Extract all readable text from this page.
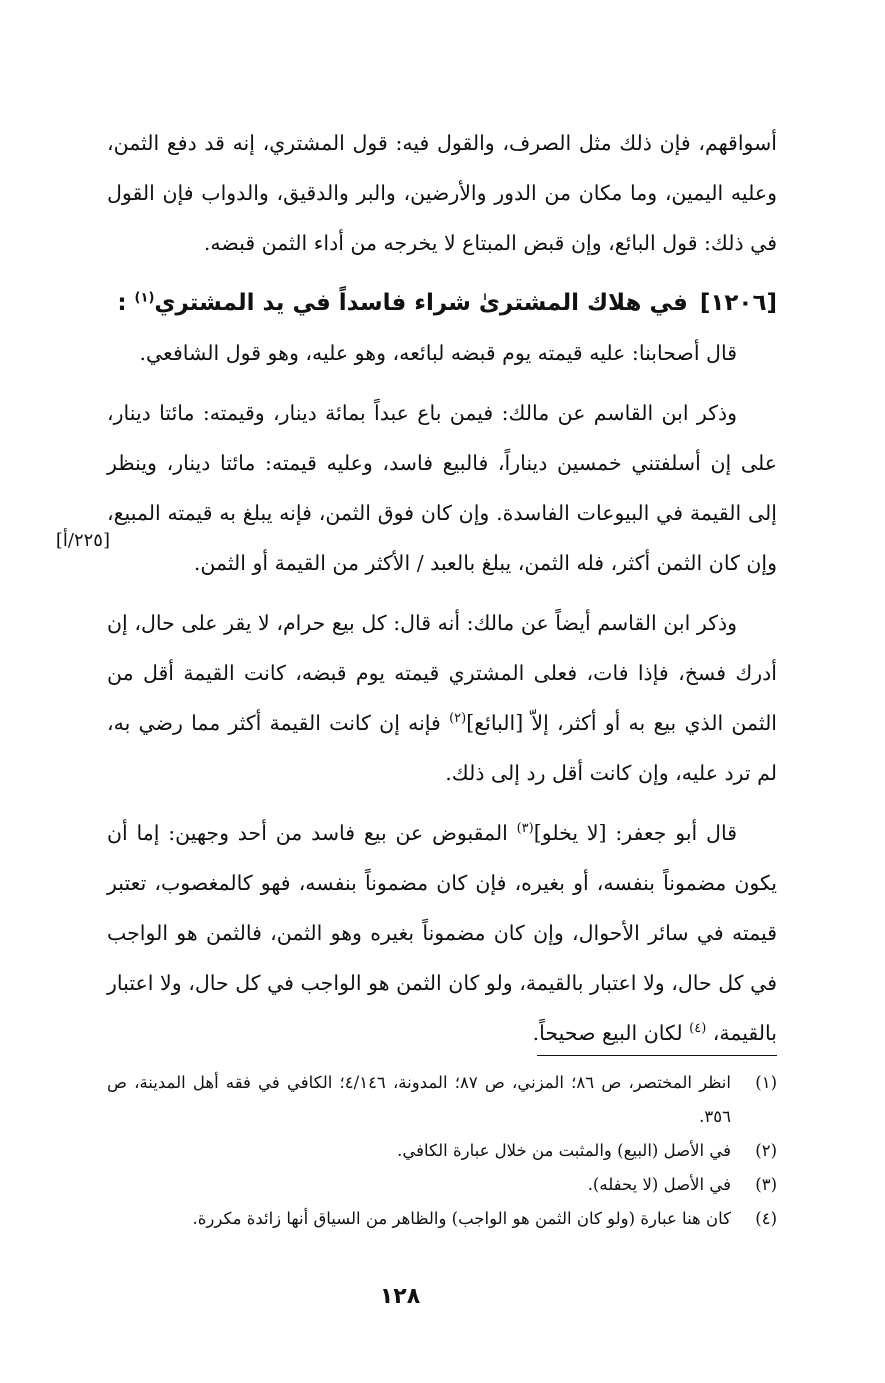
أسواقهم، فإن ذلك مثل الصرف، والقول فيه: قول المشتري، إنه قد دفع الثمن، وعليه اليمين، وما مكان من الدور والأرضين، والبر والدقيق، والدواب فإن القول في ذلك: قول البائع، وإن قبض المبتاع لا يخرجه من أداء الثمن قبضه.

[١٢٠٦]في هلاك المشترىٰ شراء فاسداً في يد المشتري$^{(١)}$ :

قال أصحابنا: عليه قيمته يوم قبضه لبائعه، وهو عليه، وهو قول الشافعي.

وذكر ابن القاسم عن مالك: فيمن باع عبداً بمائة دينار، وقيمته: مائتا دينار، على إن أسلفتني خمسين ديناراً، فالبيع فاسد، وعليه قيمته: مائتا دينار، وينظر إلى القيمة في البيوعات الفاسدة. وإن كان فوق الثمن، فإنه يبلغ به قيمته المبيع، وإن كان الثمن أكثر، فله الثمن، يبلغ بالعبد / الأكثر من القيمة أو الثمن.

وذكر ابن القاسم أيضاً عن مالك: أنه قال: كل بيع حرام، لا يقر على حال، إن أدرك فسخ، فإذا فات، فعلى المشتري قيمته يوم قبضه، كانت القيمة أقل من الثمن الذي بيع به أو أكثر، إلاّ [البائع]$^{(٢)}$ فإنه إن كانت القيمة أكثر مما رضي به، لم ترد عليه، وإن كانت أقل رد إلى ذلك.

قال أبو جعفر: [لا يخلو]$^{(٣)}$ المقبوض عن بيع فاسد من أحد وجهين: إما أن يكون مضموناً بنفسه، أو بغيره، فإن كان مضموناً بنفسه، فهو كالمغصوب، تعتبر قيمته في سائر الأحوال، وإن كان مضموناً بغيره وهو الثمن، فالثمن هو الواجب في كل حال، ولا اعتبار بالقيمة، ولو كان الثمن هو الواجب في كل حال، ولا اعتبار بالقيمة، $^{(٤)}$ لكان البيع صحيحاً.

[٢٢٥/أ]
(١)
انظر المختصر، ص ٨٦؛ المزني، ص ٨٧؛ المدونة، ٤/١٤٦؛ الكافي في فقه أهل المدينة، ص ٣٥٦.
(٢)
في الأصل (البيع) والمثبت من خلال عبارة الكافي.
(٣)
في الأصل (لا يحفله).
(٤)
كان هنا عبارة (ولو كان الثمن هو الواجب) والظاهر من السياق أنها زائدة مكررة.
١٢٨
